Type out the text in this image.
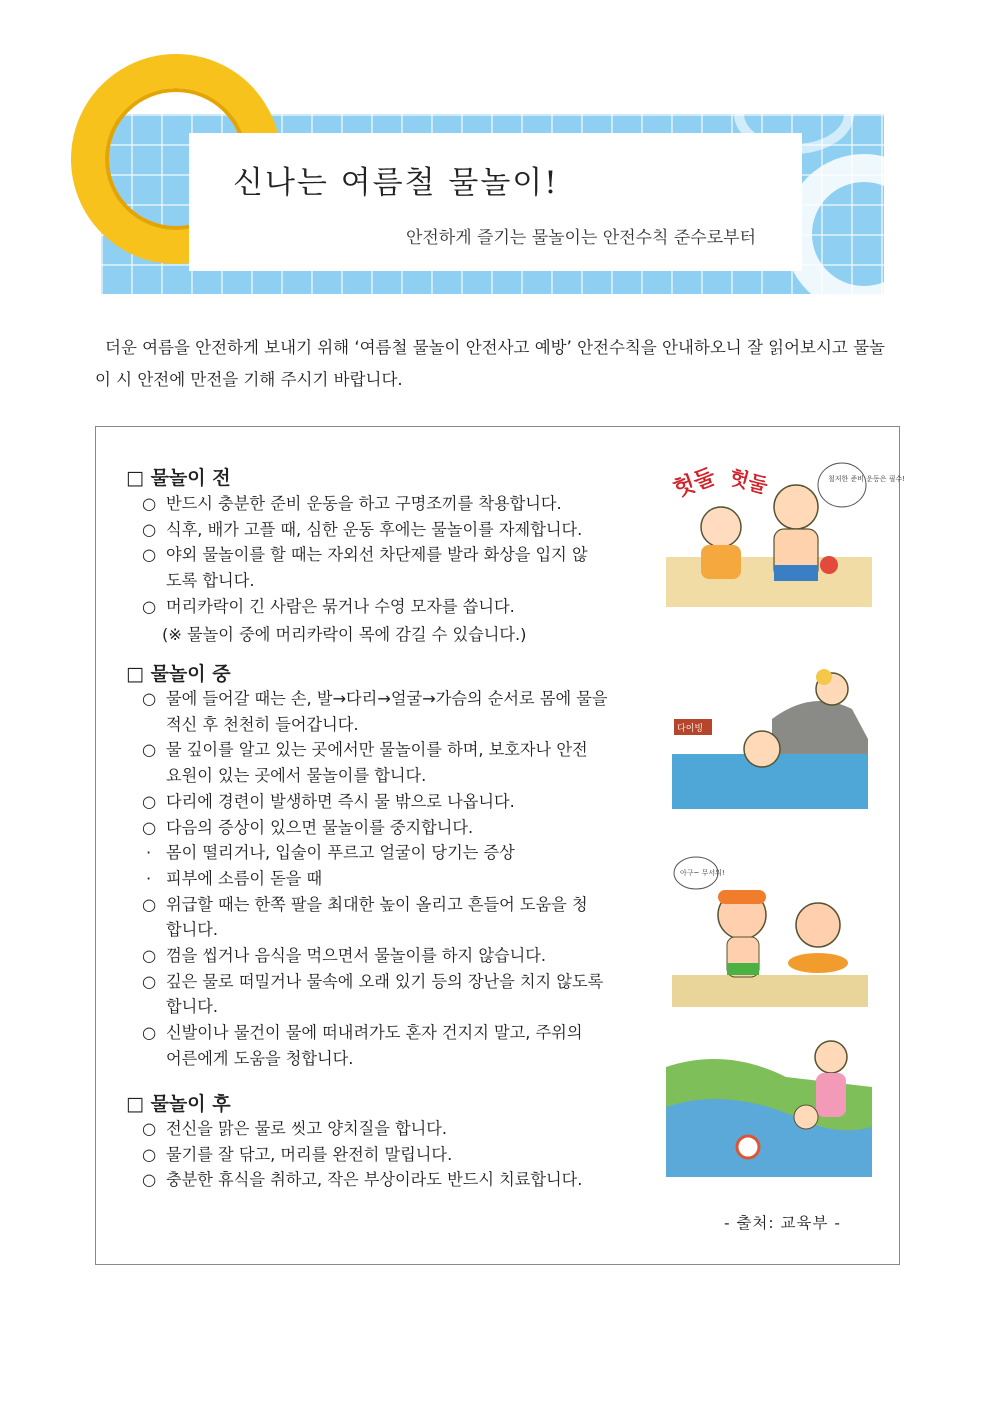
신나는 여름철 물놀이!
안전하게 즐기는 물놀이는 안전수칙 준수로부터

더운 여름을 안전하게 보내기 위해 ‘여름철 물놀이 안전사고 예방’ 안전수칙을 안내하오니 잘 읽어보시고 물놀이 시 안전에 만전을 기해 주시기 바랍니다.

□ 물놀이 전

○ 반드시 충분한 준비 운동을 하고 구명조끼를 착용합니다.

○ 식후, 배가 고플 때, 심한 운동 후에는 물놀이를 자제합니다.

○ 야외 물놀이를 할 때는 자외선 차단제를 발라 화상을 입지 않

도록 합니다.

○ 머리카락이 긴 사람은 묶거나 수영 모자를 씁니다.

(※ 물놀이 중에 머리카락이 목에 감길 수 있습니다.)

□ 물놀이 중

○ 물에 들어갈 때는 손, 발→다리→얼굴→가슴의 순서로 몸에 물을

적신 후 천천히 들어갑니다.

○ 물 깊이를 알고 있는 곳에서만 물놀이를 하며, 보호자나 안전

요원이 있는 곳에서 물놀이를 합니다.

○ 다리에 경련이 발생하면 즉시 물 밖으로 나옵니다.

○ 다음의 증상이 있으면 물놀이를 중지합니다.

· 몸이 떨리거나, 입술이 푸르고 얼굴이 당기는 증상

· 피부에 소름이 돋을 때

○ 위급할 때는 한쪽 팔을 최대한 높이 올리고 흔들어 도움을 청

합니다.

○ 껌을 씹거나 음식을 먹으면서 물놀이를 하지 않습니다.

○ 깊은 물로 떠밀거나 물속에 오래 있기 등의 장난을 치지 않도록

합니다.

○ 신발이나 물건이 물에 떠내려가도 혼자 건지지 말고, 주위의

어른에게 도움을 청합니다.

□ 물놀이 후

○ 전신을 맑은 물로 씻고 양치질을 합니다.

○ 물기를 잘 닦고, 머리를 완전히 말립니다.

○ 충분한 휴식을 취하고, 작은 부상이라도 반드시 치료합니다.

- 출처: 교육부 -

헛둘 헛둘	철저한 준비 운동은 필수!
다이빙
아구~ 무서워!
